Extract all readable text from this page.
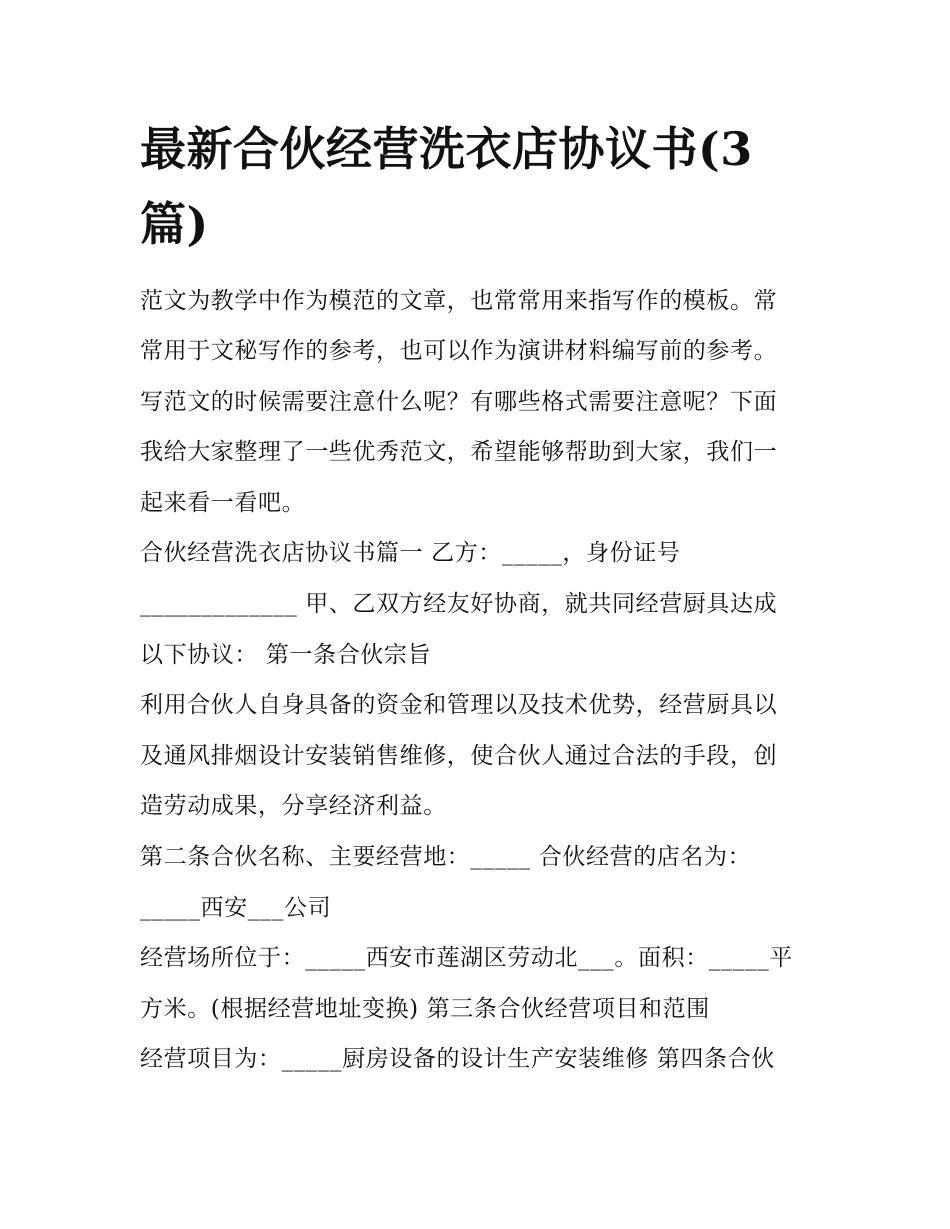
最新合伙经营洗衣店协议书(3
篇)

范文为教学中作为模范的文章，也常常用来指写作的模板。常

常用于文秘写作的参考，也可以作为演讲材料编写前的参考。

写范文的时候需要注意什么呢？有哪些格式需要注意呢？下面

我给大家整理了一些优秀范文，希望能够帮助到大家，我们一

起来看一看吧。

合伙经营洗衣店协议书篇一 乙方：_____，身份证号

_____________ 甲、乙双方经友好协商，就共同经营厨具达成

以下协议： 第一条合伙宗旨

利用合伙人自身具备的资金和管理以及技术优势，经营厨具以

及通风排烟设计安装销售维修，使合伙人通过合法的手段，创

造劳动成果，分享经济利益。

第二条合伙名称、主要经营地：_____ 合伙经营的店名为：

_____西安___公司

经营场所位于：_____西安市莲湖区劳动北___。面积：_____平

方米。(根据经营地址变换) 第三条合伙经营项目和范围

经营项目为：_____厨房设备的设计生产安装维修 第四条合伙
